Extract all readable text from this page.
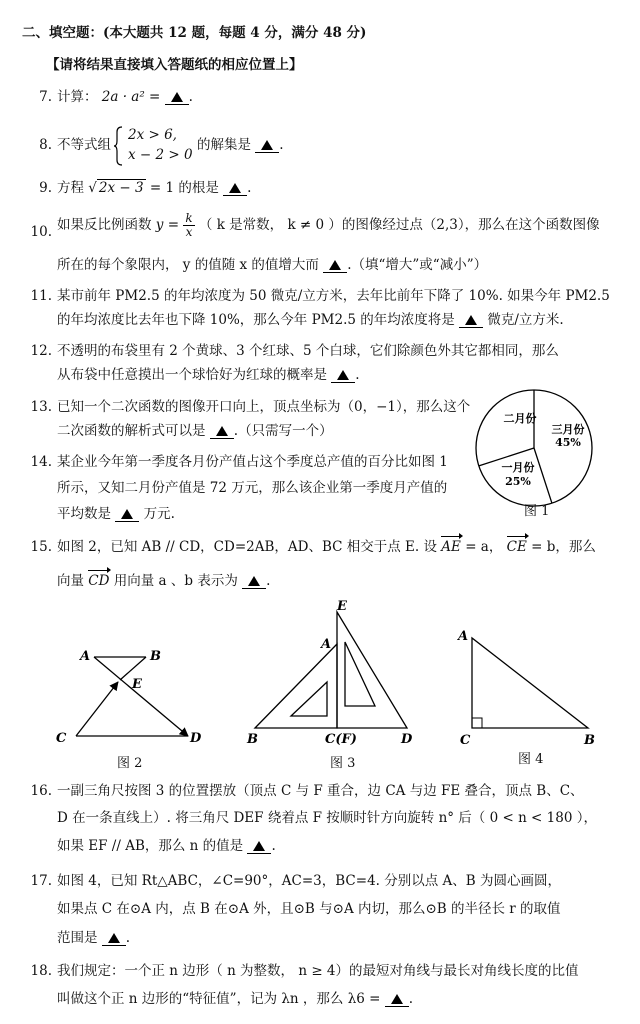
二、填空题：(本大题共 12 题，每题 4 分，满分 48 分)
【请将结果直接填入答题纸的相应位置上】
7. 计算： 2a · a² = .
8. 不等式组
2x > 6,
x − 2 > 0
的解集是 .
9. 方程 √ 2x − 3 = 1 的根是 .
10. 如果反比例函数 $y = \frac{k}{x}$ （ k 是常数， k ≠ 0 ）的图像经过点（2,3），那么在这个函数图像
所在的每个象限内， y 的值随 x 的值增大而 .（填“增大”或“减小”）
11. 某市前年 PM2.5 的年均浓度为 50 微克/立方米，去年比前年下降了 10%. 如果今年 PM2.5
的年均浓度比去年也下降 10%，那么今年 PM2.5 的年均浓度将是 微克/立方米.
12. 不透明的布袋里有 2 个黄球、3 个红球、5 个白球，它们除颜色外其它都相同，那么
从布袋中任意摸出一个球恰好为红球的概率是 .
13. 已知一个二次函数的图像开口向上，顶点坐标为（0，−1），那么这个
二次函数的解析式可以是 .（只需写一个）
14. 某企业今年第一季度各月份产值占这个季度总产值的百分比如图 1
所示，又知二月份产值是 72 万元，那么该企业第一季度月产值的
平均数是 万元.
二月份
三月份
45%
一月份
25%
图 1
15. 如图 2，已知 AB // CD，CD=2AB，AD、BC 相交于点 E. 设 AE = a， CE = b，那么
向量 CD 用向量 a 、b 表示为 .
A	B
E
C	D
图 2
E
A
B	C(F)	D
图 3
A
C	B
图 4
16. 一副三角尺按图 3 的位置摆放（顶点 C 与 F 重合，边 CA 与边 FE 叠合，顶点 B、C、
D 在一条直线上）. 将三角尺 DEF 绕着点 F 按顺时针方向旋转 n° 后（ 0 < n < 180 ），
如果 EF // AB，那么 n 的值是 .
17. 如图 4，已知 Rt△ABC，∠C=90°，AC=3，BC=4. 分别以点 A、B 为圆心画圆，
如果点 C 在⊙A 内，点 B 在⊙A 外，且⊙B 与⊙A 内切，那么⊙B 的半径长 r 的取值
范围是 .
18. 我们规定：一个正 n 边形（ n 为整数， n ≥ 4）的最短对角线与最长对角线长度的比值
叫做这个正 n 边形的“特征值”，记为 λn ，那么 λ6 = .
